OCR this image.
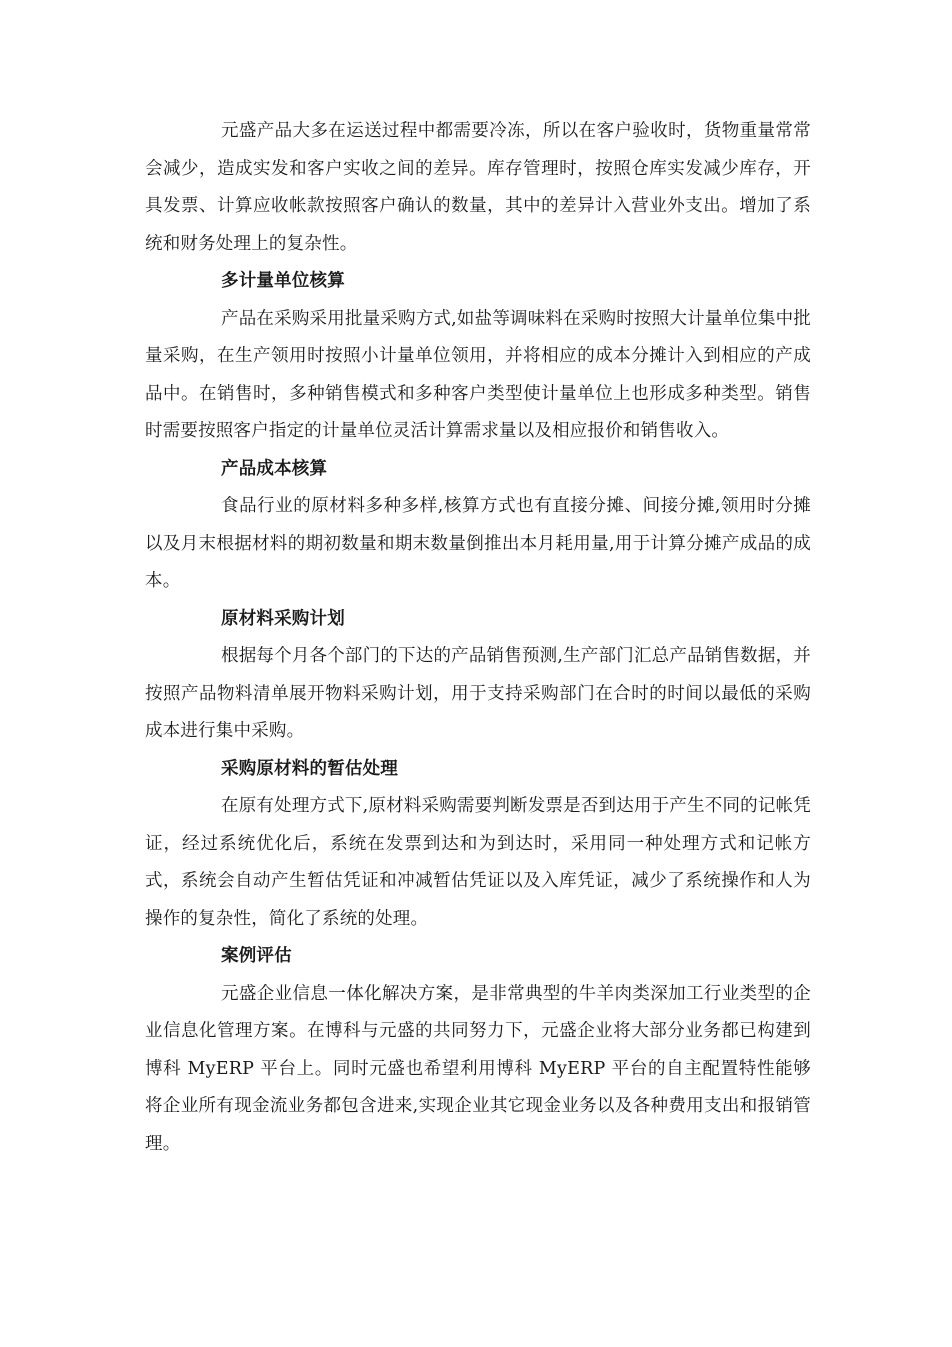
元盛产品大多在运送过程中都需要冷冻，所以在客户验收时，货物重量常常会减少，造成实发和客户实收之间的差异。库存管理时，按照仓库实发减少库存，开具发票、计算应收帐款按照客户确认的数量，其中的差异计入营业外支出。增加了系统和财务处理上的复杂性。

多计量单位核算

产品在采购采用批量采购方式,如盐等调味料在采购时按照大计量单位集中批量采购，在生产领用时按照小计量单位领用，并将相应的成本分摊计入到相应的产成品中。在销售时，多种销售模式和多种客户类型使计量单位上也形成多种类型。销售时需要按照客户指定的计量单位灵活计算需求量以及相应报价和销售收入。

产品成本核算

食品行业的原材料多种多样,核算方式也有直接分摊、间接分摊,领用时分摊以及月末根据材料的期初数量和期末数量倒推出本月耗用量,用于计算分摊产成品的成本。

原材料采购计划

根据每个月各个部门的下达的产品销售预测,生产部门汇总产品销售数据，并按照产品物料清单展开物料采购计划，用于支持采购部门在合时的时间以最低的采购成本进行集中采购。

采购原材料的暂估处理

在原有处理方式下,原材料采购需要判断发票是否到达用于产生不同的记帐凭证，经过系统优化后，系统在发票到达和为到达时，采用同一种处理方式和记帐方式，系统会自动产生暂估凭证和冲减暂估凭证以及入库凭证，减少了系统操作和人为操作的复杂性，简化了系统的处理。

案例评估

元盛企业信息一体化解决方案，是非常典型的牛羊肉类深加工行业类型的企业信息化管理方案。在博科与元盛的共同努力下，元盛企业将大部分业务都已构建到博科 MyERP 平台上。同时元盛也希望利用博科 MyERP 平台的自主配置特性能够将企业所有现金流业务都包含进来,实现企业其它现金业务以及各种费用支出和报销管理。
